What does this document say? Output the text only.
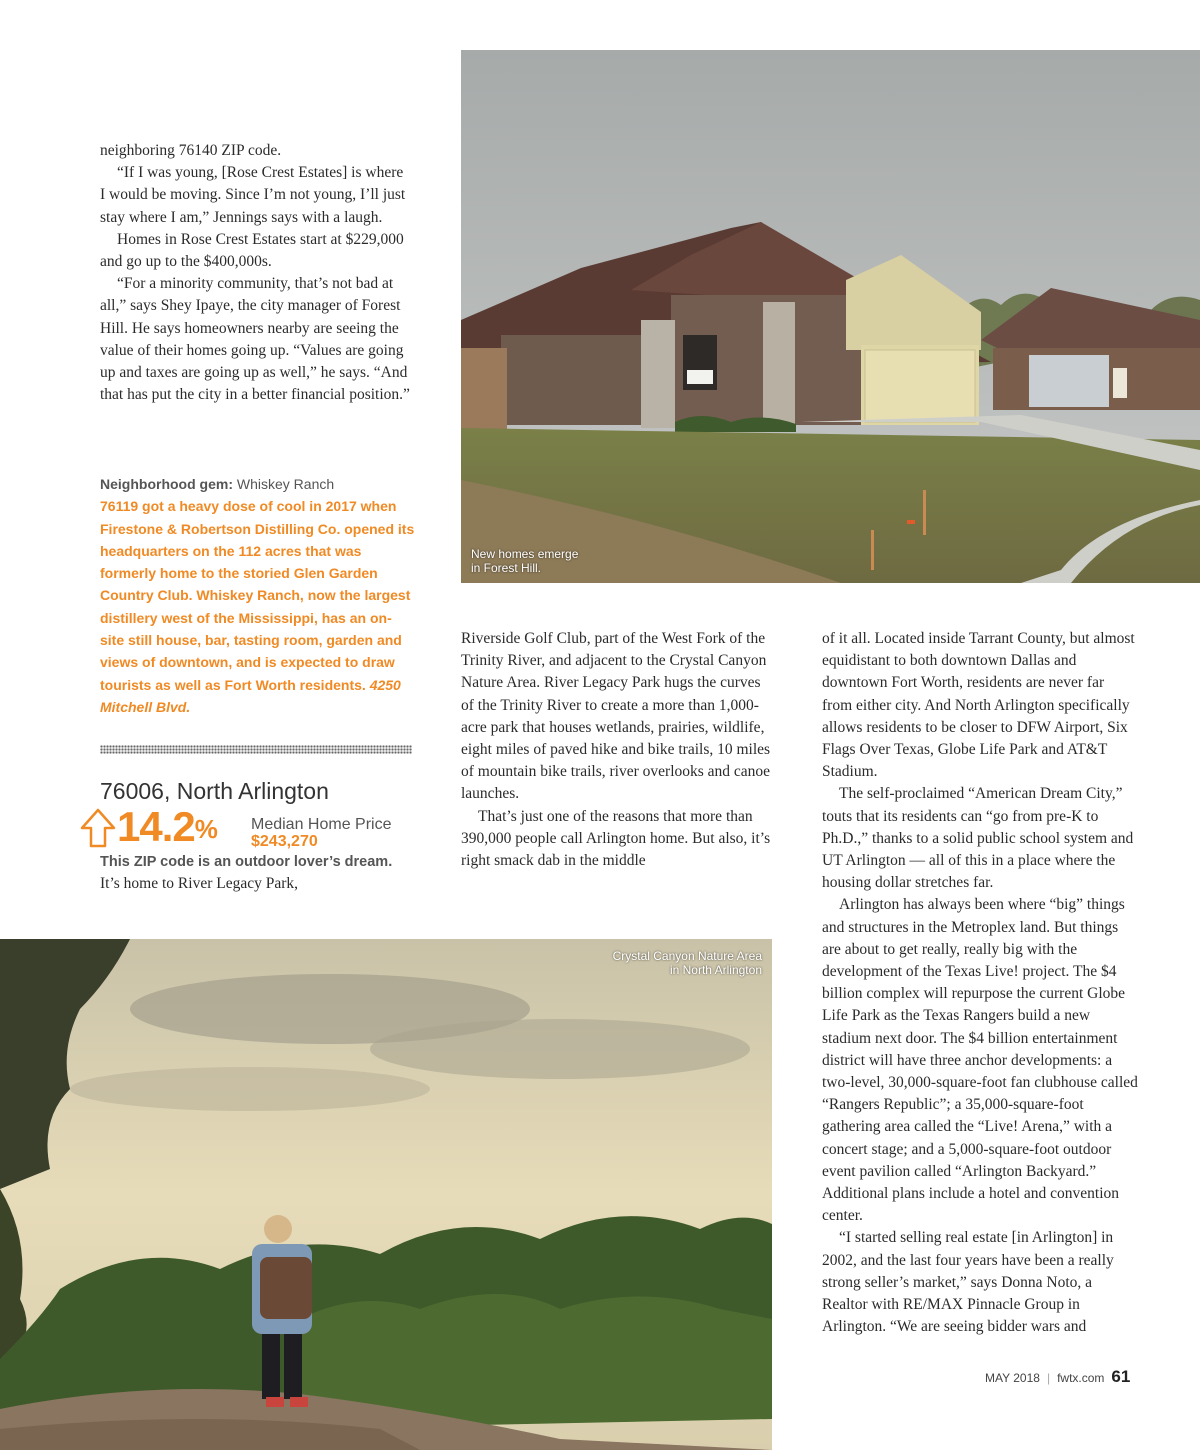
New homes emerge
in Forest Hill.
Crystal Canyon Nature Area
in North Arlington

neighboring 76140 ZIP code.

“If I was young, [Rose Crest Estates] is where I would be moving. Since I’m not young, I’ll just stay where I am,” Jennings says with a laugh.

Homes in Rose Crest Estates start at $229,000 and go up to the $400,000s.

“For a minority community, that’s not bad at all,” says Shey Ipaye, the city manager of Forest Hill. He says homeowners nearby are seeing the value of their homes going up. “Values are going up and taxes are going up as well,” he says. “And that has put the city in a better financial position.”

Neighborhood gem: Whiskey Ranch
76119 got a heavy dose of cool in 2017 when Firestone & Robertson Distilling Co. opened its headquarters on the 112 acres that was formerly home to the storied Glen Garden Country Club. Whiskey Ranch, now the largest distillery west of the Mississippi, has an on-site still house, bar, tasting room, garden and views of downtown, and is expected to draw tourists as well as Fort Worth residents. 4250 Mitchell Blvd.
76006, North Arlington
14.2% Median Home Price
$243,270
This ZIP code is an outdoor lover’s dream. It’s home to River Legacy Park,

Riverside Golf Club, part of the West Fork of the Trinity River, and adjacent to the Crystal Canyon Nature Area. River Legacy Park hugs the curves of the Trinity River to create a more than 1,000-acre park that houses wetlands, prairies, wildlife, eight miles of paved hike and bike trails, 10 miles of mountain bike trails, river overlooks and canoe launches.

That’s just one of the reasons that more than 390,000 people call Arlington home. But also, it’s right smack dab in the middle

of it all. Located inside Tarrant County, but almost equidistant to both downtown Dallas and downtown Fort Worth, residents are never far from either city. And North Arlington specifically allows residents to be closer to DFW Airport, Six Flags Over Texas, Globe Life Park and AT&T Stadium.

The self-proclaimed “American Dream City,” touts that its residents can “go from pre-K to Ph.D.,” thanks to a solid public school system and UT Arlington — all of this in a place where the housing dollar stretches far.

Arlington has always been where “big” things and structures in the Metroplex land. But things are about to get really, really big with the development of the Texas Live! project. The $4 billion complex will repurpose the current Globe Life Park as the Texas Rangers build a new stadium next door. The $4 billion entertainment district will have three anchor developments: a two-level, 30,000-square-foot fan clubhouse called “Rangers Republic”; a 35,000-square-foot gathering area called the “Live! Arena,” with a concert stage; and a 5,000-square-foot outdoor event pavilion called “Arlington Backyard.” Additional plans include a hotel and convention center.

“I started selling real estate [in Arlington] in 2002, and the last four years have been a really strong seller’s market,” says Donna Noto, a Realtor with RE/MAX Pinnacle Group in Arlington. “We are seeing bidder wars and

MAY 2018 | fwtx.com 61
